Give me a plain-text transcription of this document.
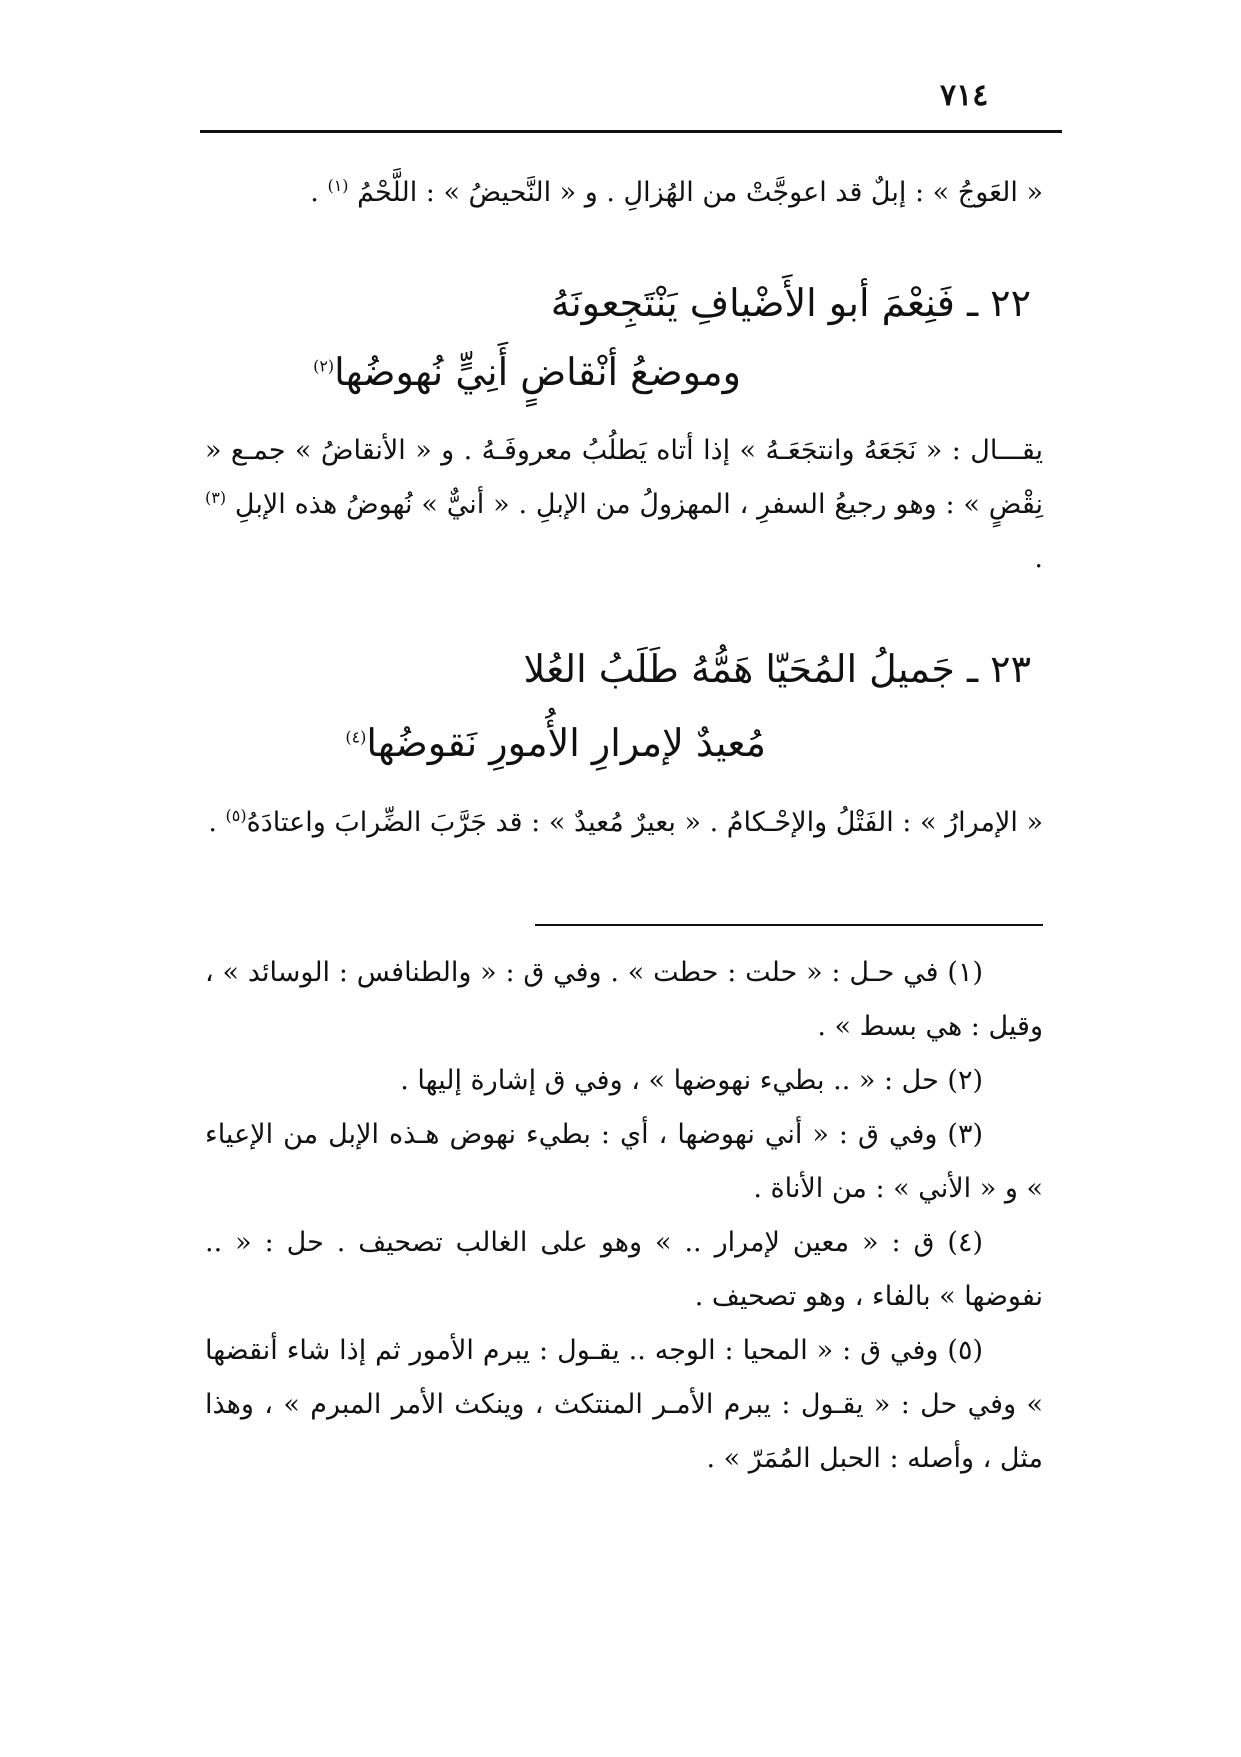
٧١٤
« العَوجُ » : إبلٌ قد اعوجَّتْ من الهُزالِ . و « النَّحيضُ » : اللَّحْمُ $^{(١)}$ .
٢٢ ـ فَنِعْمَ أبو الأَضْيافِ يَنْتَجِعونَهُ
وموضعُ أنْقاضٍ أَنِيٍّ نُهوضُها$^{(٢)}$
يقـــال : « نَجَعَهُ وانتجَعَـهُ » إذا أتاه يَطلُبُ معروفَـهُ . و « الأنقاضُ » جمـع « نِقْضٍ » : وهو رجيعُ السفرِ ، المهزولُ من الإبلِ . « أنيٌّ » نُهوضُ هذه الإبلِ $^{(٣)}$ .
٢٣ ـ جَميلُ المُحَيّا هَمُّهُ طَلَبُ العُلا
مُعيدٌ لإمرارِ الأُمورِ نَقوضُها$^{(٤)}$
« الإمرارُ » : الفَتْلُ والإحْـكامُ . « بعيرٌ مُعيدٌ » : قد جَرَّبَ الضِّرابَ واعتادَهُ$^{(٥)}$ .
(١) في حـل : « حلت : حطت » . وفي ق : « والطنافس : الوسائد » ، وقيل : هي بسط » .
(٢) حل : « .. بطيء نهوضها » ، وفي ق إشارة إليها .
(٣) وفي ق : « أني نهوضها ، أي : بطيء نهوض هـذه الإبل من الإعياء » و « الأني » : من الأناة .
(٤) ق : « معين لإمرار .. » وهو على الغالب تصحيف . حل : « .. نفوضها » بالفاء ، وهو تصحيف .
(٥) وفي ق : « المحيا : الوجه .. يقـول : يبرم الأمور ثم إذا شاء أنقضها » وفي حل : « يقـول : يبرم الأمـر المنتكث ، وينكث الأمر المبرم » ، وهذا مثل ، وأصله : الحبل المُمَرّ » .
